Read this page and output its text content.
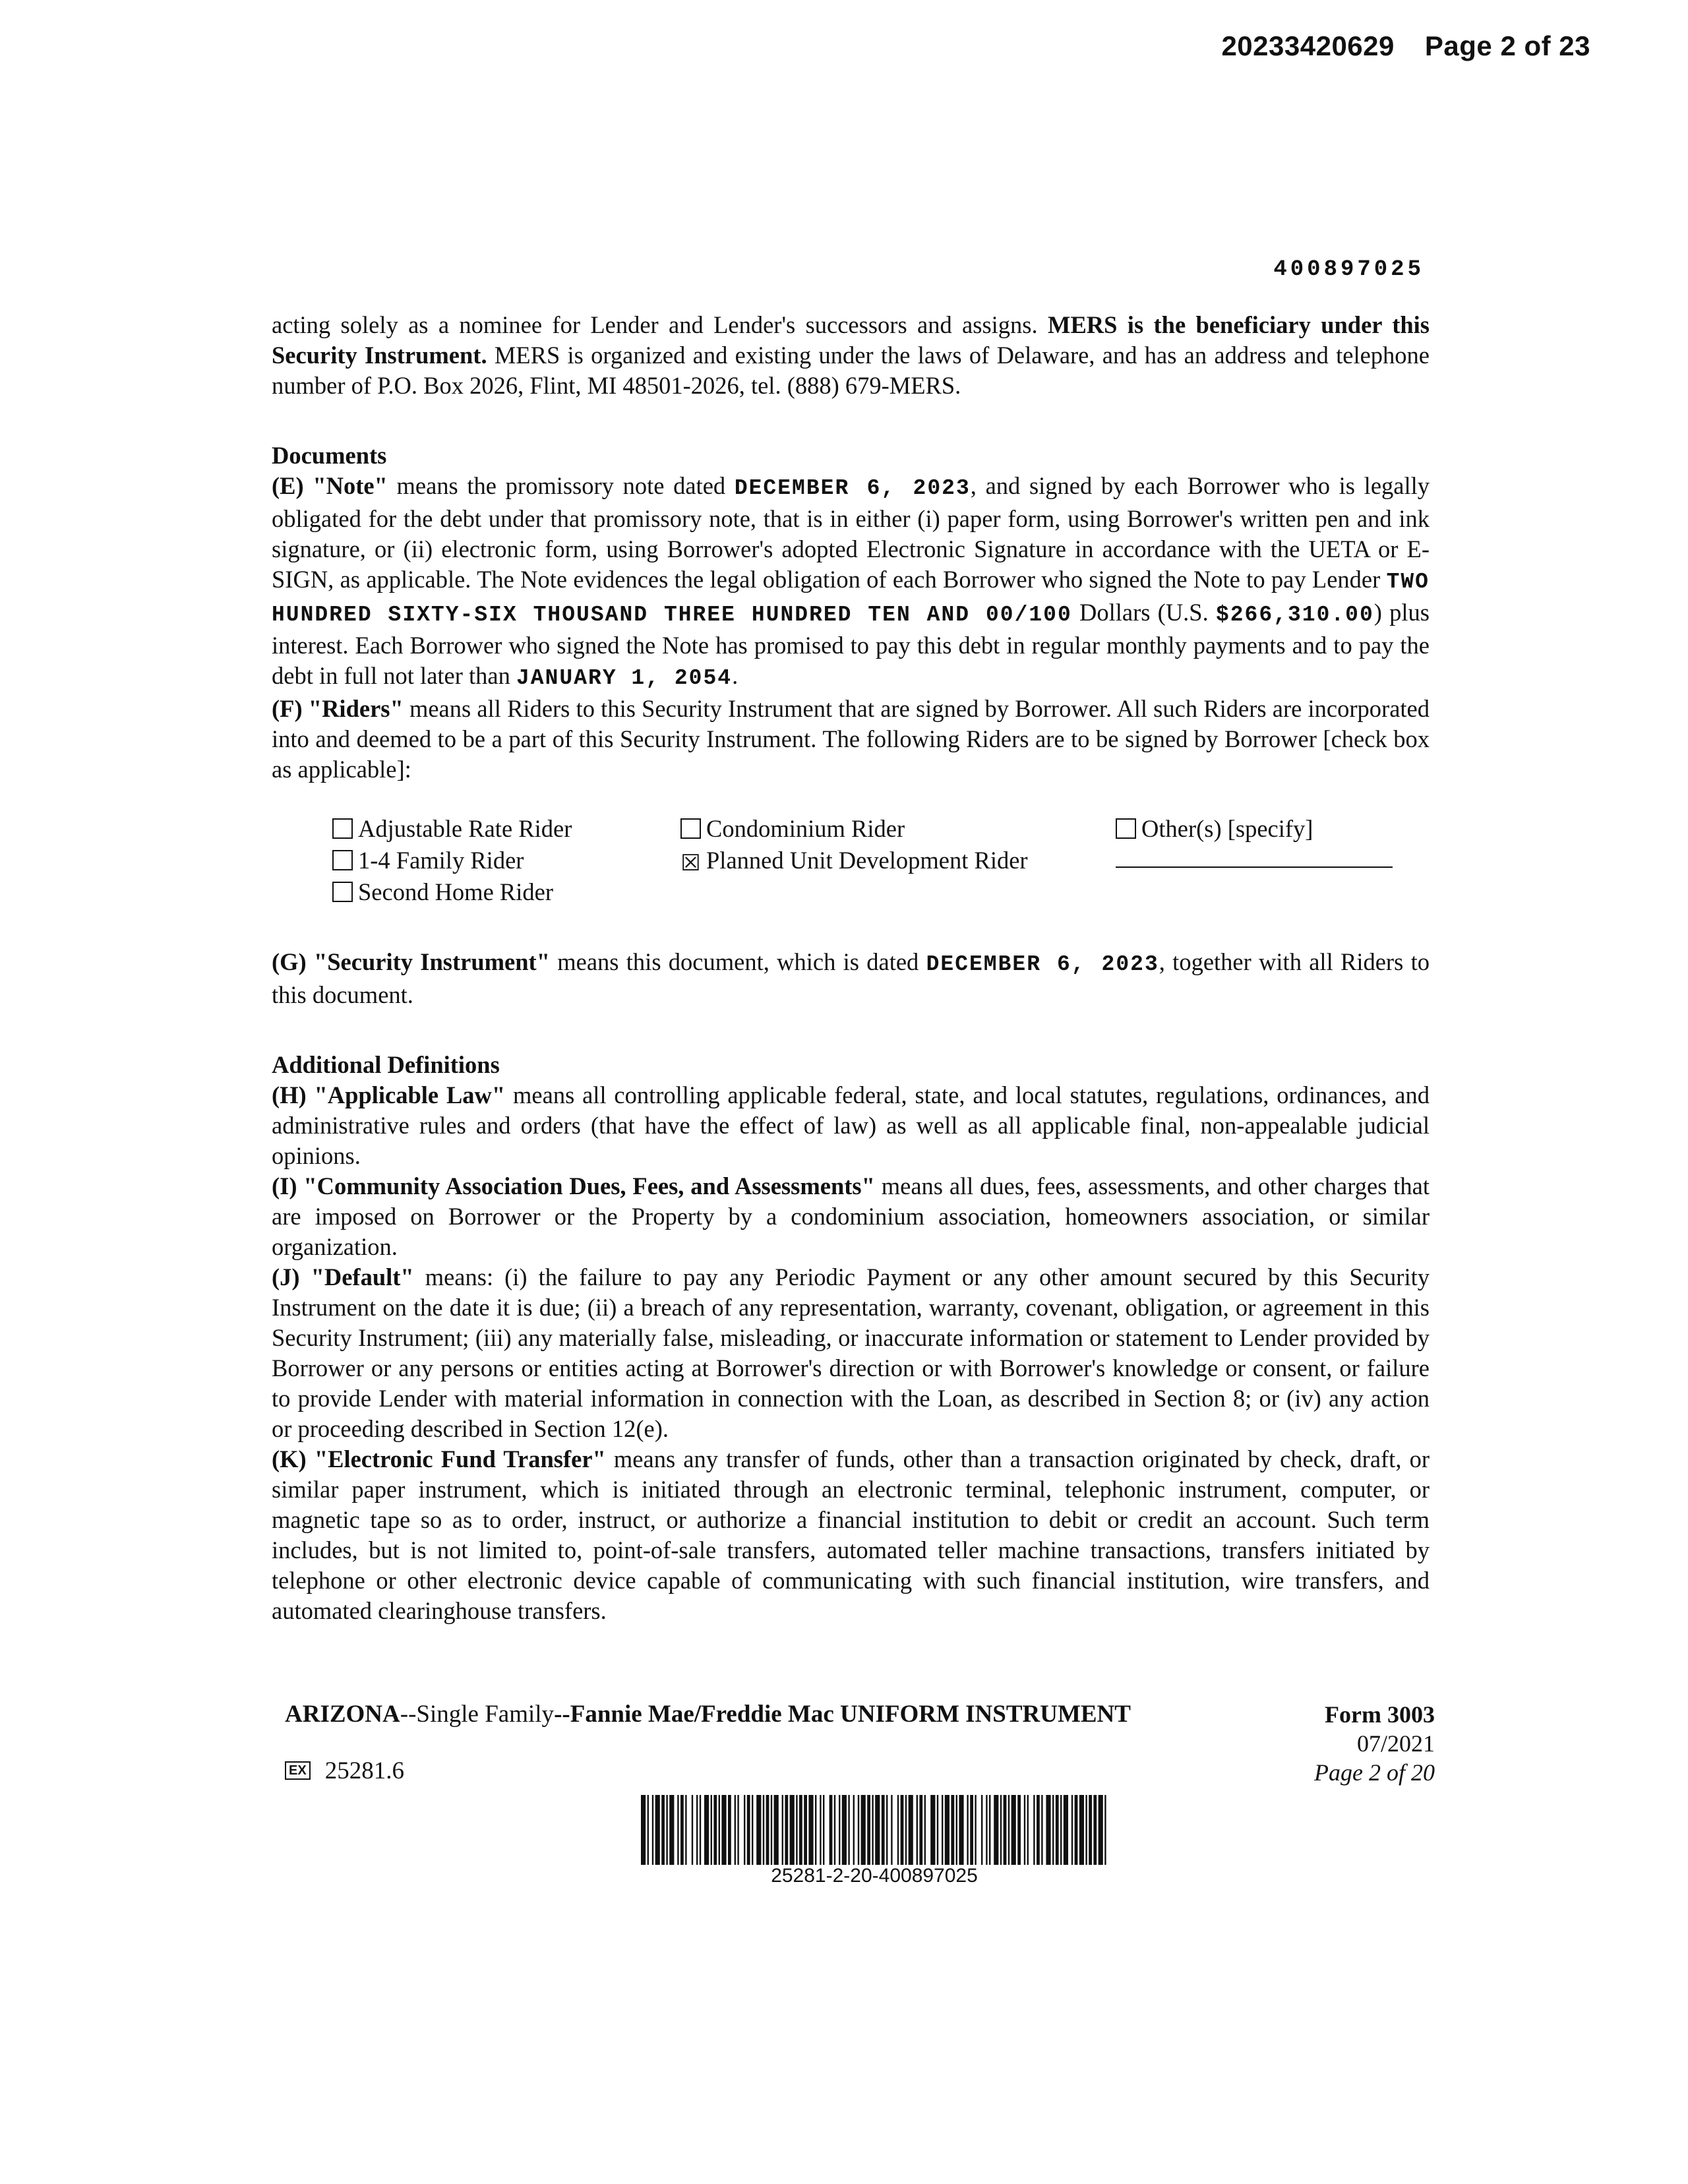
20233420629 Page 2 of 23
400897025

acting solely as a nominee for Lender and Lender's successors and assigns. MERS is the beneficiary under this Security Instrument. MERS is organized and existing under the laws of Delaware, and has an address and telephone number of P.O. Box 2026, Flint, MI 48501-2026, tel. (888) 679-MERS.

Documents

(E) "Note" means the promissory note dated DECEMBER 6, 2023, and signed by each Borrower who is legally obligated for the debt under that promissory note, that is in either (i) paper form, using Borrower's written pen and ink signature, or (ii) electronic form, using Borrower's adopted Electronic Signature in accordance with the UETA or E-SIGN, as applicable. The Note evidences the legal obligation of each Borrower who signed the Note to pay Lender TWO HUNDRED SIXTY-SIX THOUSAND THREE HUNDRED TEN AND 00/100 Dollars (U.S. $266,310.00) plus interest. Each Borrower who signed the Note has promised to pay this debt in regular monthly payments and to pay the debt in full not later than JANUARY 1, 2054.

(F) "Riders" means all Riders to this Security Instrument that are signed by Borrower. All such Riders are incorporated into and deemed to be a part of this Security Instrument. The following Riders are to be signed by Borrower [check box as applicable]:

Adjustable Rate Rider	Condominium Rider	Other(s) [specify]
1-4 Family Rider	☒ Planned Unit Development Rider
Second Home Rider

(G) "Security Instrument" means this document, which is dated DECEMBER 6, 2023, together with all Riders to this document.

Additional Definitions

(H) "Applicable Law" means all controlling applicable federal, state, and local statutes, regulations, ordinances, and administrative rules and orders (that have the effect of law) as well as all applicable final, non-appealable judicial opinions.

(I) "Community Association Dues, Fees, and Assessments" means all dues, fees, assessments, and other charges that are imposed on Borrower or the Property by a condominium association, homeowners association, or similar organization.

(J) "Default" means: (i) the failure to pay any Periodic Payment or any other amount secured by this Security Instrument on the date it is due; (ii) a breach of any representation, warranty, covenant, obligation, or agreement in this Security Instrument; (iii) any materially false, misleading, or inaccurate information or statement to Lender provided by Borrower or any persons or entities acting at Borrower's direction or with Borrower's knowledge or consent, or failure to provide Lender with material information in connection with the Loan, as described in Section 8; or (iv) any action or proceeding described in Section 12(e).

(K) "Electronic Fund Transfer" means any transfer of funds, other than a transaction originated by check, draft, or similar paper instrument, which is initiated through an electronic terminal, telephonic instrument, computer, or magnetic tape so as to order, instruct, or authorize a financial institution to debit or credit an account. Such term includes, but is not limited to, point-of-sale transfers, automated teller machine transactions, transfers initiated by telephone or other electronic device capable of communicating with such financial institution, wire transfers, and automated clearinghouse transfers.

ARIZONA--Single Family--Fannie Mae/Freddie Mac UNIFORM INSTRUMENT	Form 3003
07/2021
Page 2 of 20
EX 25281.6
25281-2-20-400897025
